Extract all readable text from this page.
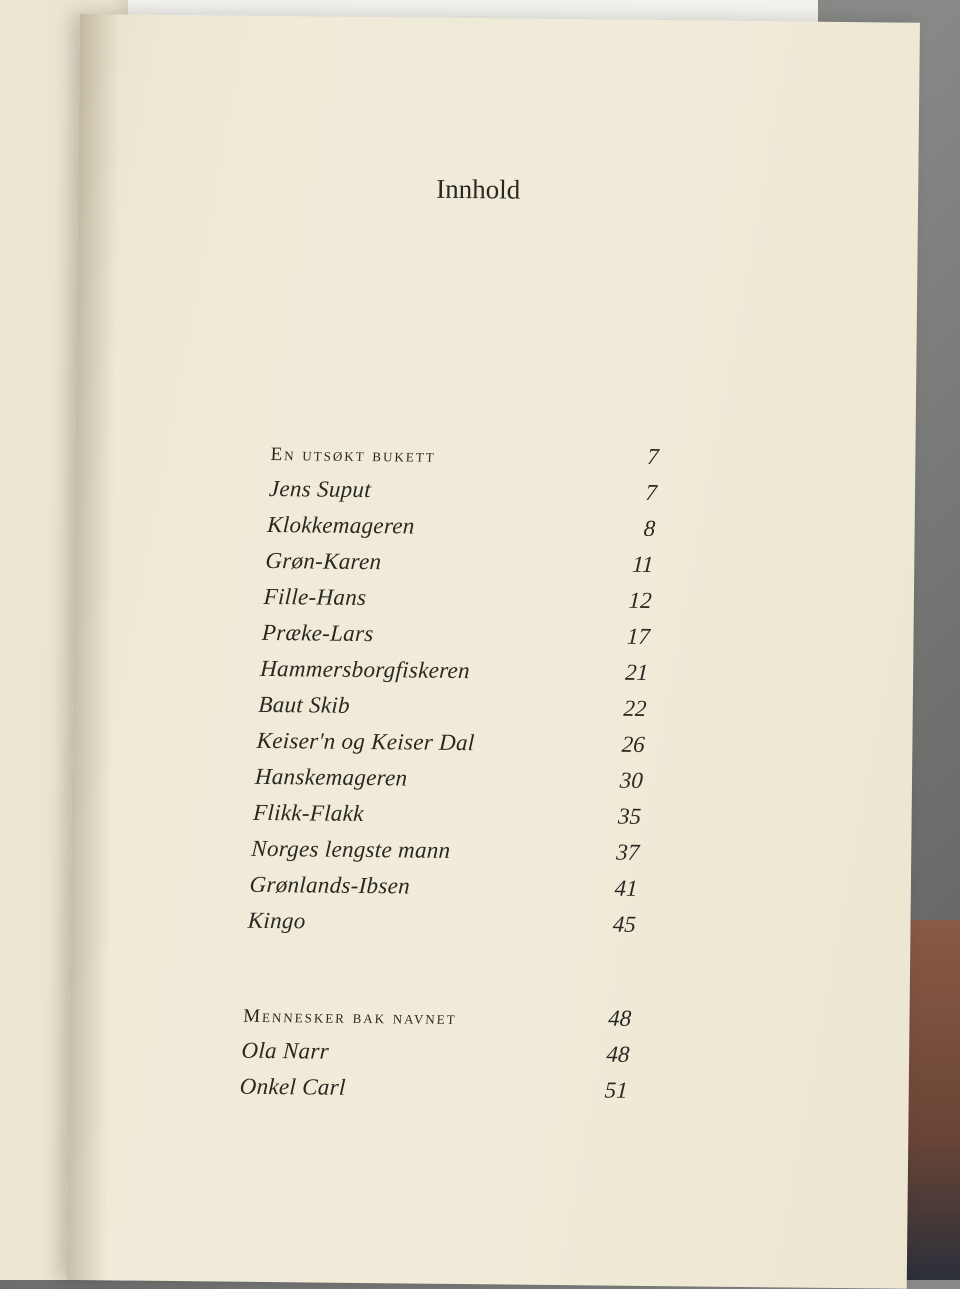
Innhold
En utsøkt bukett	7
Jens Suput	7
Klokkemageren	8
Grøn-Karen	11
Fille-Hans	12
Præke-Lars	17
Hammersborgfiskeren	21
Baut Skib	22
Keiser'n og Keiser Dal	26
Hanskemageren	30
Flikk-Flakk	35
Norges lengste mann	37
Grønlands-Ibsen	41
Kingo	45
Mennesker bak navnet	48
Ola Narr	48
Onkel Carl	51
